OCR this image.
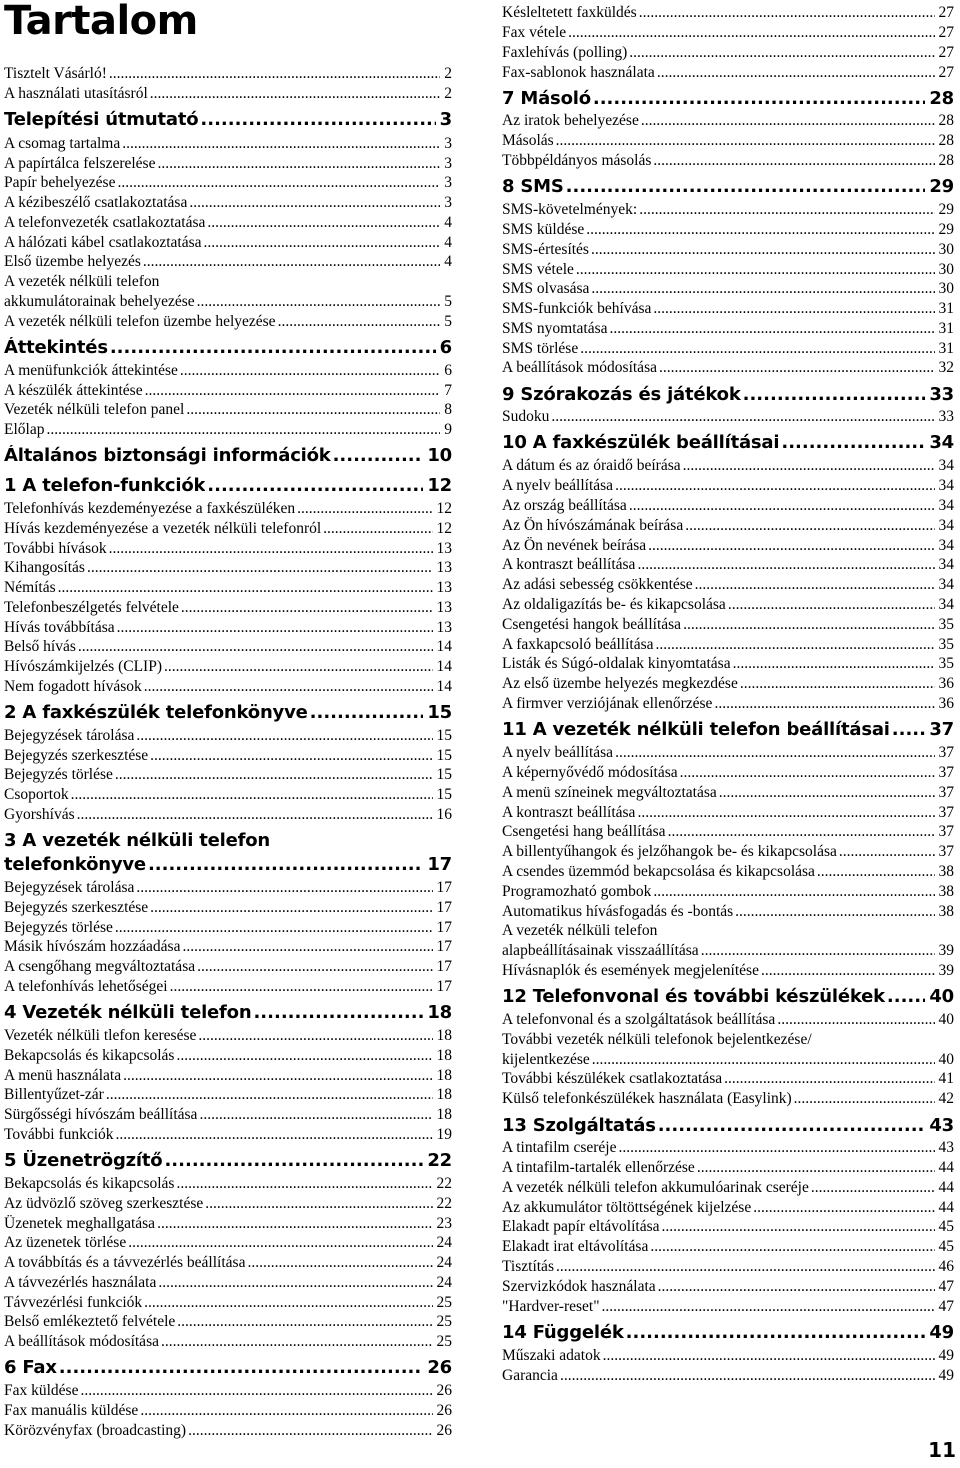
Tartalom
Tisztelt Vásárló! .....	2
A használati utasításról .....	2
Telepítési útmutató .....	3
A csomag tartalma .....	3
A papírtálca felszerelése .....	3
Papír behelyezése .....	3
A kézibeszélő csatlakoztatása .....	3
A telefonvezeték csatlakoztatása .....	4
A hálózati kábel csatlakoztatása .....	4
Első üzembe helyezés .....	4
A vezeték nélküli telefon
akkumulátorainak behelyezése .....	5
A vezeték nélküli telefon üzembe helyezése .....	5
Áttekintés .....	6
A menüfunkciók áttekintése .....	6
A készülék áttekintése .....	7
Vezeték nélküli telefon panel .....	8
Előlap .....	9
Általános biztonsági információk .....	10
1 A telefon-funkciók .....	12
Telefonhívás kezdeményezése a faxkészüléken .....	12
Hívás kezdeményezése a vezeték nélküli telefonról .....	12
További hívások .....	13
Kihangosítás .....	13
Némítás .....	13
Telefonbeszélgetés felvétele .....	13
Hívás továbbítása .....	13
Belső hívás .....	14
Hívószámkijelzés (CLIP) .....	14
Nem fogadott hívások .....	14
2 A faxkészülék telefonkönyve .....	15
Bejegyzések tárolása .....	15
Bejegyzés szerkesztése .....	15
Bejegyzés törlése .....	15
Csoportok .....	15
Gyorshívás .....	16
3 A vezeték nélküli telefon
telefonkönyve .....	17
Bejegyzések tárolása .....	17
Bejegyzés szerkesztése .....	17
Bejegyzés törlése .....	17
Másik hívószám hozzáadása .....	17
A csengőhang megváltoztatása .....	17
A telefonhívás lehetőségei .....	17
4 Vezeték nélküli telefon .....	18
Vezeték nélküli tlefon keresése .....	18
Bekapcsolás és kikapcsolás .....	18
A menü használata .....	18
Billentyűzet-zár .....	18
Sürgősségi hívószám beállítása .....	18
További funkciók .....	19
5 Üzenetrögzítő .....	22
Bekapcsolás és kikapcsolás .....	22
Az üdvözlő szöveg szerkesztése .....	22
Üzenetek meghallgatása .....	23
Az üzenetek törlése .....	24
A továbbítás és a távvezérlés beállítása .....	24
A távvezérlés használata .....	24
Távvezérlési funkciók .....	25
Belső emlékeztető felvétele .....	25
A beállítások módosítása .....	25
6 Fax .....	26
Fax küldése .....	26
Fax manuális küldése .....	26
Körözvényfax (broadcasting) .....	26
Késleltetett faxküldés .....	27
Fax vétele .....	27
Faxlehívás (polling) .....	27
Fax-sablonok használata .....	27
7 Másoló .....	28
Az iratok behelyezése .....	28
Másolás .....	28
Többpéldányos másolás .....	28
8 SMS .....	29
SMS-követelmények: .....	29
SMS küldése .....	29
SMS-értesítés .....	30
SMS vétele .....	30
SMS olvasása .....	30
SMS-funkciók behívása .....	31
SMS nyomtatása .....	31
SMS törlése .....	31
A beállítások módosítása .....	32
9 Szórakozás és játékok .....	33
Sudoku .....	33
10 A faxkészülék beállításai .....	34
A dátum és az óraidő beírása .....	34
A nyelv beállítása .....	34
Az ország beállítása .....	34
Az Ön hívószámának beírása .....	34
Az Ön nevének beírása .....	34
A kontraszt beállítása .....	34
Az adási sebesség csökkentése .....	34
Az oldaligazítás be- és kikapcsolása .....	34
Csengetési hangok beállítása .....	35
A faxkapcsoló beállítása .....	35
Listák és Súgó-oldalak kinyomtatása .....	35
Az első üzembe helyezés megkezdése .....	36
A firmver verziójának ellenőrzése .....	36
11 A vezeték nélküli telefon beállításai ..... 37
A nyelv beállítása .....	37
A képernyővédő módosítása .....	37
A menü színeinek megváltoztatása .....	37
A kontraszt beállítása .....	37
Csengetési hang beállítása .....	37
A billentyűhangok és jelzőhangok be- és kikapcsolása .....	37
A csendes üzemmód bekapcsolása és kikapcsolása .....	38
Programozható gombok .....	38
Automatikus hívásfogadás és -bontás .....	38
A vezeték nélküli telefon
alapbeállításainak visszaállítása .....	39
Hívásnaplók és események megjelenítése .....	39
12 Telefonvonal és további készülékek ..... 40
A telefonvonal és a szolgáltatások beállítása .....	40
További vezeték nélküli telefonok bejelentkezése/
kijelentkezése .....	40
További készülékek csatlakoztatása .....	41
Külső telefonkészülékek használata (Easylink) .....	42
13 Szolgáltatás .....	43
A tintafilm cseréje .....	43
A tintafilm-tartalék ellenőrzése .....	44
A vezeték nélküli telefon akkumulóarinak cseréje .....	44
Az akkumulátor töltöttségének kijelzése .....	44
Elakadt papír eltávolítása .....	45
Elakadt irat eltávolítása .....	45
Tisztítás .....	46
Szervizkódok használata .....	47
"Hardver-reset" .....	47
14 Függelék .....	49
Műszaki adatok .....	49
Garancia .....	49
11
